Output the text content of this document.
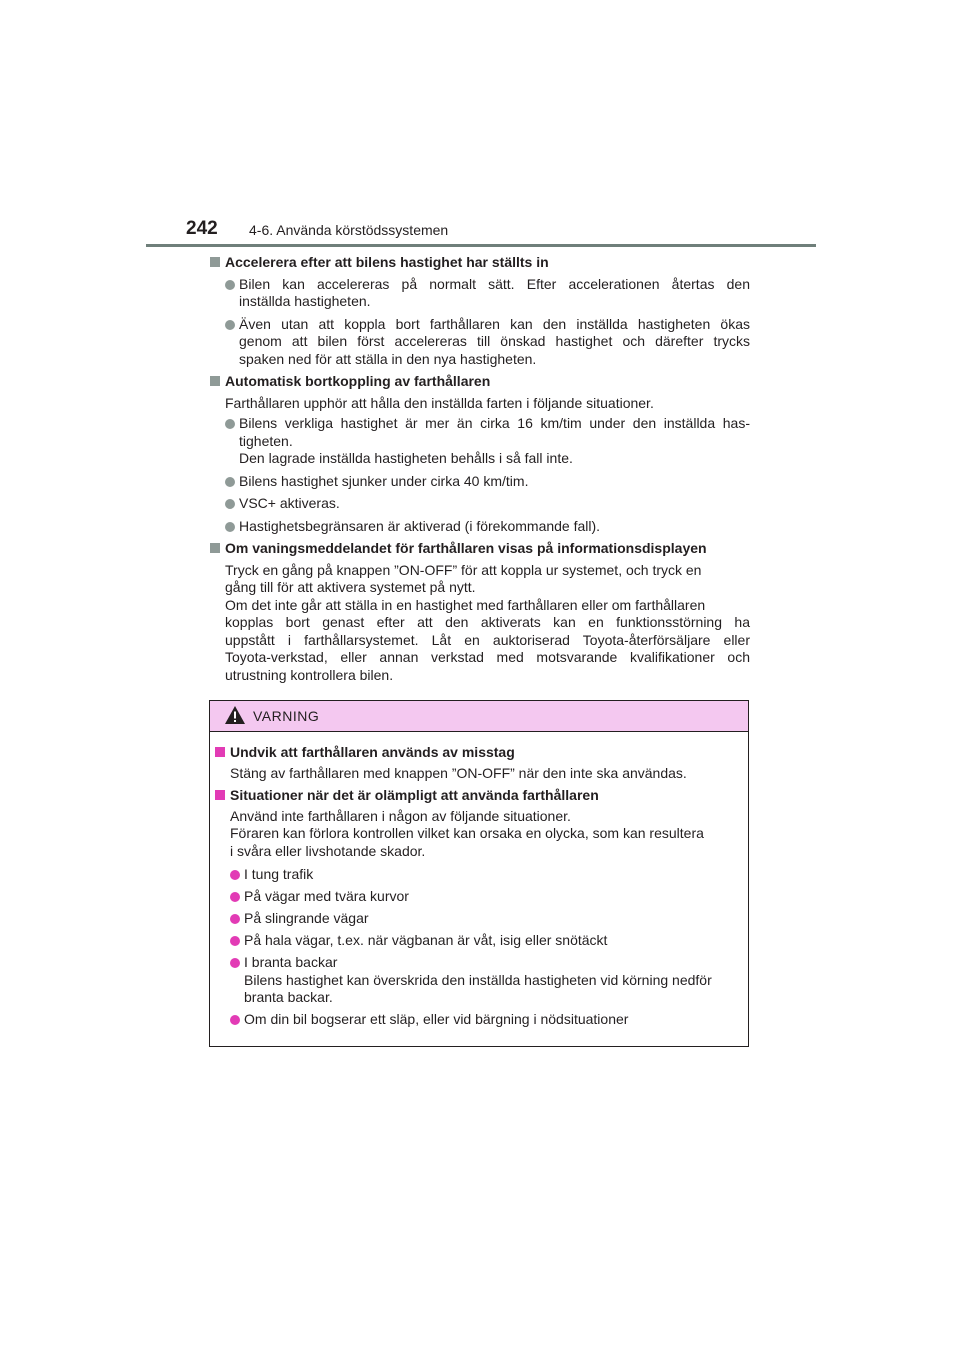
242 4-6. Använda körstödssystemen
Accelerera efter att bilens hastighet har ställts in
Bilen kan accelereras på normalt sätt. Efter accelerationen återtas den
inställda hastigheten.
Även utan att koppla bort farthållaren kan den inställda hastigheten ökas
genom att bilen först accelereras till önskad hastighet och därefter trycks
spaken ned för att ställa in den nya hastigheten.
Automatisk bortkoppling av farthållaren
Farthållaren upphör att hålla den inställda farten i följande situationer.
Bilens verkliga hastighet är mer än cirka 16 km/tim under den inställda has-
tigheten.
Den lagrade inställda hastigheten behålls i så fall inte.
Bilens hastighet sjunker under cirka 40 km/tim.
VSC+ aktiveras.
Hastighetsbegränsaren är aktiverad (i förekommande fall).
Om vaningsmeddelandet för farthållaren visas på informationsdisplayen
Tryck en gång på knappen ”ON-OFF” för att koppla ur systemet, och tryck en
gång till för att aktivera systemet på nytt.
Om det inte går att ställa in en hastighet med farthållaren eller om farthållaren
kopplas bort genast efter att den aktiverats kan en funktionsstörning ha
uppstått i farthållarsystemet. Låt en auktoriserad Toyota-återförsäljare eller
Toyota-verkstad, eller annan verkstad med motsvarande kvalifikationer och
utrustning kontrollera bilen.
VARNING
Undvik att farthållaren används av misstag
Stäng av farthållaren med knappen ”ON-OFF” när den inte ska användas.
Situationer när det är olämpligt att använda farthållaren
Använd inte farthållaren i någon av följande situationer.
Föraren kan förlora kontrollen vilket kan orsaka en olycka, som kan resultera
i svåra eller livshotande skador.
I tung trafik
På vägar med tvära kurvor
På slingrande vägar
På hala vägar, t.ex. när vägbanan är våt, isig eller snötäckt
I branta backar
Bilens hastighet kan överskrida den inställda hastigheten vid körning nedför
branta backar.
Om din bil bogserar ett släp, eller vid bärgning i nödsituationer
